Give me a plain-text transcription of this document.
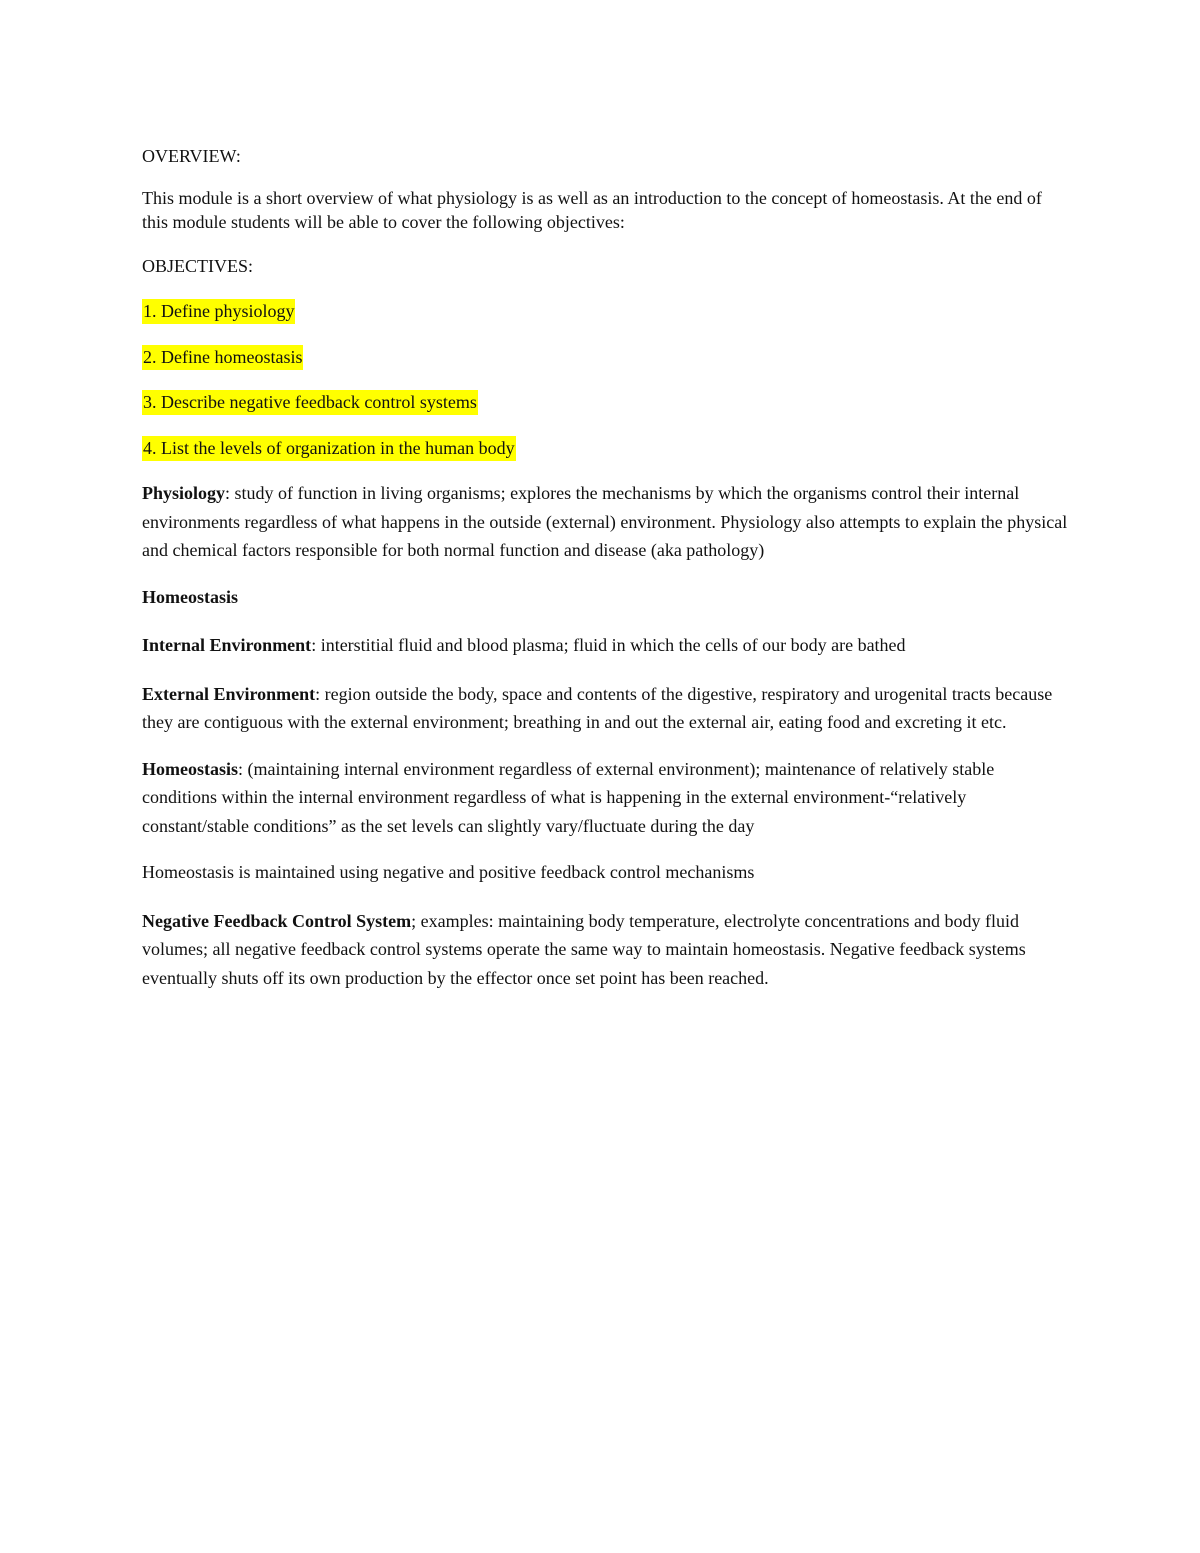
OVERVIEW:

This module is a short overview of what physiology is as well as an introduction to the concept of homeostasis. At the end of this module students will be able to cover the following objectives:

OBJECTIVES:

1. Define physiology

2. Define homeostasis

3. Describe negative feedback control systems

4. List the levels of organization in the human body

Physiology: study of function in living organisms; explores the mechanisms by which the organisms control their internal environments regardless of what happens in the outside (external) environment. Physiology also attempts to explain the physical and chemical factors responsible for both normal function and disease (aka pathology)

Homeostasis

Internal Environment: interstitial fluid and blood plasma; fluid in which the cells of our body are bathed

External Environment: region outside the body, space and contents of the digestive, respiratory and urogenital tracts because they are contiguous with the external environment; breathing in and out the external air, eating food and excreting it etc.

Homeostasis: (maintaining internal environment regardless of external environment); maintenance of relatively stable conditions within the internal environment regardless of what is happening in the external environment-“relatively constant/stable conditions” as the set levels can slightly vary/fluctuate during the day

Homeostasis is maintained using negative and positive feedback control mechanisms

Negative Feedback Control System; examples: maintaining body temperature, electrolyte concentrations and body fluid volumes; all negative feedback control systems operate the same way to maintain homeostasis. Negative feedback systems eventually shuts off its own production by the effector once set point has been reached.
